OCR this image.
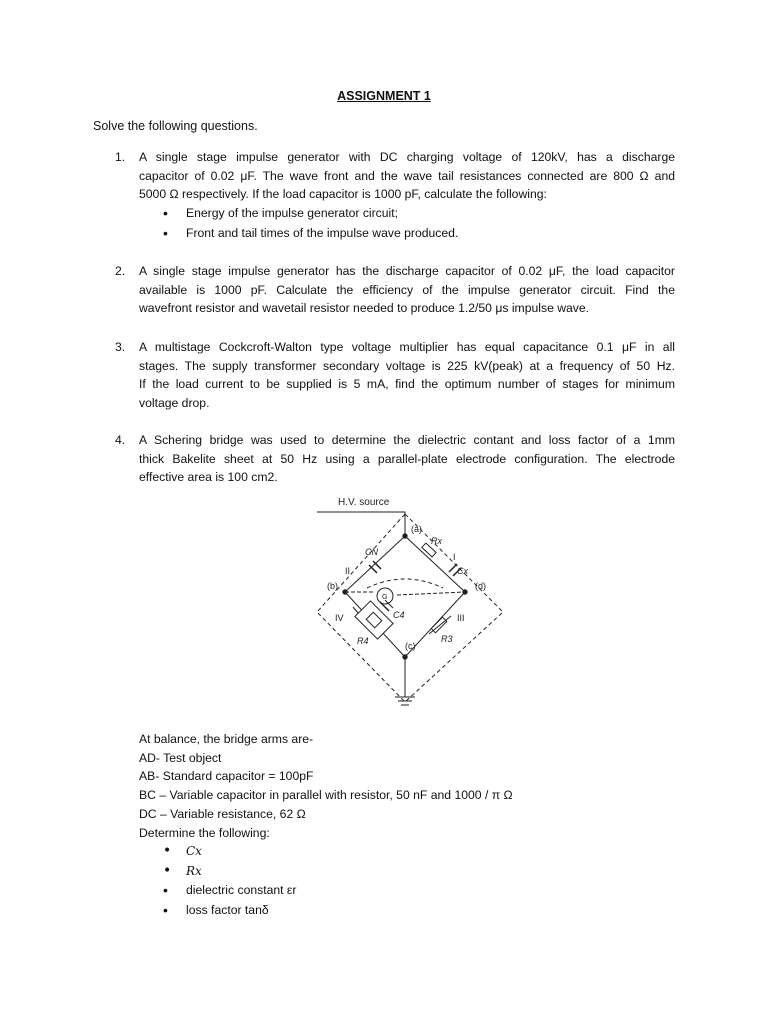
ASSIGNMENT 1
Solve the following questions.
1. A single stage impulse generator with DC charging voltage of 120kV, has a discharge
capacitor of 0.02 μF. The wave front and the wave tail resistances connected are 800 Ω and
5000 Ω respectively. If the load capacitor is 1000 pF, calculate the following:
• Energy of the impulse generator circuit;
• Front and tail times of the impulse wave produced.
2. A single stage impulse generator has the discharge capacitor of 0.02 μF, the load capacitor
available is 1000 pF. Calculate the efficiency of the impulse generator circuit. Find the
wavefront resistor and wavetail resistor needed to produce 1.2/50 μs impulse wave.
3. A multistage Cockcroft-Walton type voltage multiplier has equal capacitance 0.1 μF in all
stages. The supply transformer secondary voltage is 225 kV(peak) at a frequency of 50 Hz.
If the load current to be supplied is 5 mA, find the optimum number of stages for minimum
voltage drop.
4. A Schering bridge was used to determine the dielectric contant and loss factor of a 1mm
thick Bakelite sheet at 50 Hz using a parallel-plate electrode configuration. The electrode
effective area is 100 cm2.
H.V. source
(a)
(b)
(c)
(d)
I
II
III
IV
Rx
Cx
CN
C4
R4	R3
G
At balance, the bridge arms are-
AD- Test object
AB- Standard capacitor = 100pF
BC – Variable capacitor in parallel with resistor, 50 nF and 1000 / π Ω
DC – Variable resistance, 62 Ω
Determine the following:
• Cx
• Rx
• dielectric constant εr
• loss factor tanδ
